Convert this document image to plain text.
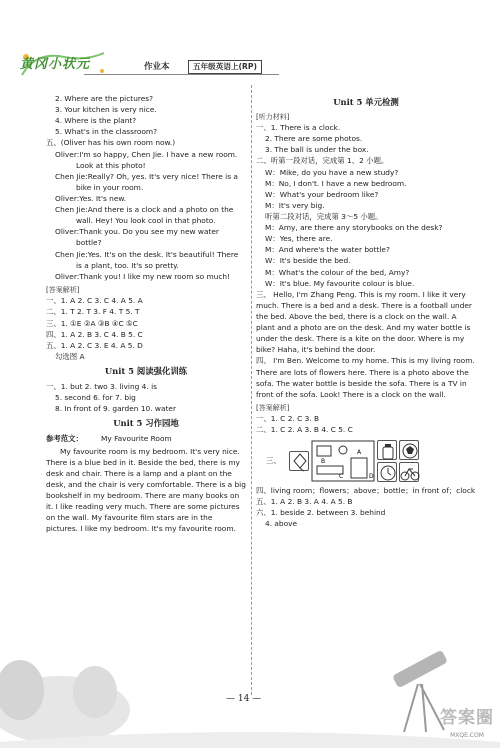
黄冈小状元	作业本	五年级英语上(RP)
2. Where are the pictures?
3. Your kitchen is very nice.
4. Where is the plant?
5. What's in the classroom?
五、(Oliver has his own room now.)
Oliver:I'm so happy, Chen Jie. I have a new room. Look at this photo!
Chen Jie:Really? Oh, yes. It's very nice! There is a bike in your room.
Oliver:Yes. It's new.
Chen Jie:And there is a clock and a photo on the wall. Hey! You look cool in that photo.
Oliver:Thank you. Do you see my new water bottle?
Chen Jie:Yes. It's on the desk. It's beautiful! There is a plant, too. It's so pretty.
Oliver:Thank you! I like my new room so much!
[答案解析]
一、1. A 2. C 3. C 4. A 5. A
二、1. T 2. T 3. F 4. T 5. T
三、1. ①E ②A ③B ④C ⑤C
四、1. A 2. B 3. C 4. B 5. C
五、1. A 2. C 3. E 4. A 5. D
勾选图 A
Unit 5 阅读强化训练
一、1. but 2. two 3. living 4. is
5. second 6. for 7. big
8. In front of 9. garden 10. water
Unit 5 习作园地
参考范文： My Favourite Room
My favourite room is my bedroom. It's very nice. There is a blue bed in it. Beside the bed, there is my desk and chair. There is a lamp and a plant on the desk, and the chair is very comfortable. There is a big bookshelf in my bedroom. There are many books on it. I like reading very much. There are some pictures on the wall. My favourite film stars are in the pictures. I like my bedroom. It's my favourite room.
Unit 5 单元检测
[听力材料]
一、1. There is a clock.
2. There are some photos.
3. The ball is under the box.
二、听第一段对话，完成第 1、2 小题。
W：Mike, do you have a new study?
M：No, I don't. I have a new bedroom.
W：What's your bedroom like?
M：It's very big.
听第二段对话，完成第 3～5 小题。
M：Amy, are there any storybooks on the desk?
W：Yes, there are.
M：And where's the water bottle?
W：It's beside the bed.
M：What's the colour of the bed, Amy?
W：It's blue. My favourite colour is blue.
三、 Hello, I'm Zhang Peng. This is my room. I like it very much. There is a bed and a desk. There is a football under the bed. Above the bed, there is a clock on the wall. A plant and a photo are on the desk. And my water bottle is under the desk. There is a kite on the door. Where is my bike? Haha, it's behind the door.
四、 I'm Ben. Welcome to my home. This is my living room. There are lots of flowers here. There is a photo above the sofa. The water bottle is beside the sofa. There is a TV in front of the sofa. Look! There is a clock on the wall.
[答案解析]
一、1. C 2. C 3. B
二、1. C 2. A 3. B 4. C 5. C
三、
A
B
C	D
四、living room；flowers；above；bottle；in front of；clock
五、1. A 2. B 3. A 4. A 5. B
六、1. beside 2. between 3. behind
4. above
— 14 —
答案圈
MXQE.COM
